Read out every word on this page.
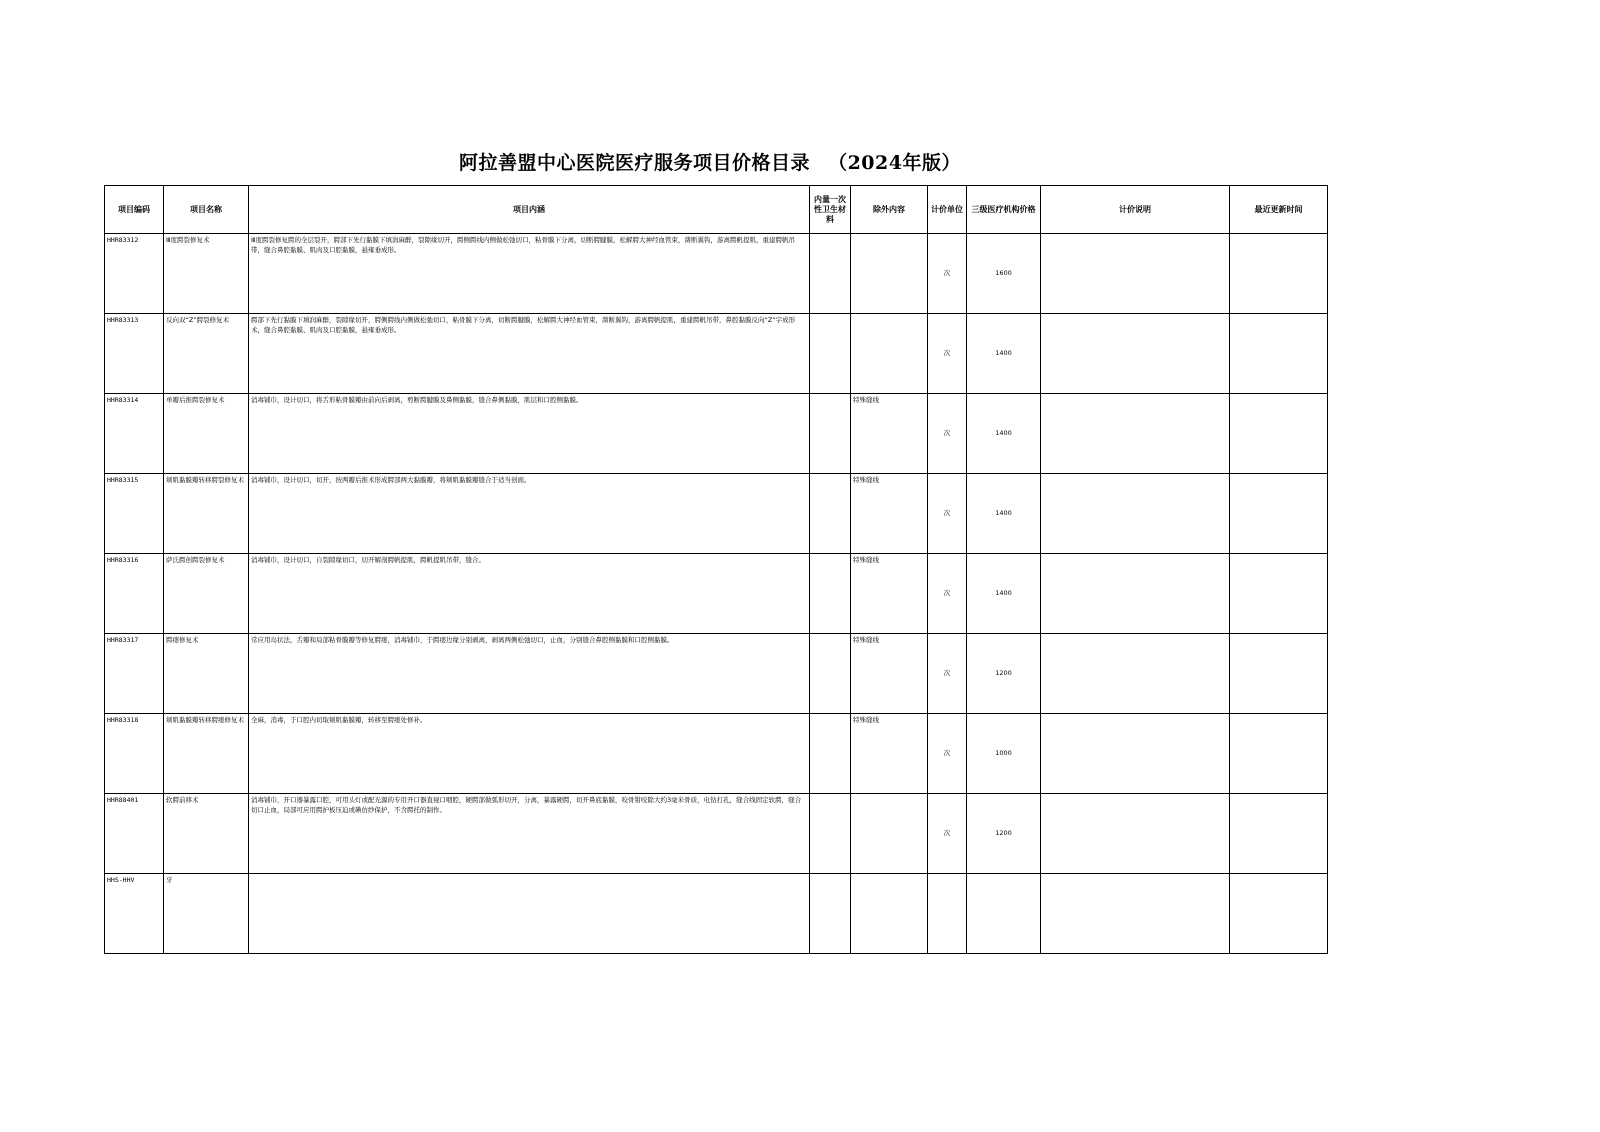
阿拉善盟中心医院医疗服务项目价格目录 （2024年版）
项目编码	项目名称	项目内涵	内量一次性卫生材料	除外内容	计价单位	三级医疗机构价格	计价说明	最近更新时间
HHR83312	Ⅲ度腭裂修复术	Ⅲ度腭裂修复腭的全层裂开，腭部下先行黏膜下填润麻醉，裂隙缘切开，腭侧腭线内侧做松弛切口，粘骨膜下分离，切断腭腱膜，松解腭大神经血管束，凿断翼钩，游离腭帆提肌，重建腭帆吊带，缝合鼻腔黏膜、肌肉及口腔黏膜，悬雍垂成形。			次	1600		
HHR83313	反向双“Z”腭裂修复术	腭部下先行黏膜下填润麻醉，裂隙缘切开，腭侧腭线内侧做松弛切口，粘骨膜下分离，切断腭腱膜，松解腭大神经血管束，凿断翼钩，游离腭帆提肌，重建腭帆吊带，鼻腔黏膜反向“Z”字成形术，缝合鼻腔黏膜、肌肉及口腔黏膜，悬雍垂成形。			次	1400		
HHR83314	单瓣后推腭裂修复术	消毒铺巾，设计切口，将舌形粘骨膜瓣由前向后剥离，剪断腭腱膜及鼻侧黏膜，缝合鼻侧黏膜，肌层和口腔侧黏膜。		特殊缝线	次	1400		
HHR83315	颊肌黏膜瓣转移腭裂修复术	消毒铺巾，设计切口，切开，按两瓣后推术形成腭部两大黏膜瓣，将颊肌黏膜瓣缝合于适当创面。		特殊缝线	次	1400		
HHR83316	萨氏腭创腭裂修复术	消毒铺巾，设计切口，自裂隙缘切口，切开解剖腭帆提肌，腭帆提肌吊带，缝合。		特殊缝线	次	1400		
HHR83317	腭瘘修复术	常应用岛状法，舌瓣和局部粘骨膜瓣等修复腭瘘，消毒铺巾，于腭瘘边缘分别剥离，剥离两侧松弛切口，止血，分别缝合鼻腔侧黏膜和口腔侧黏膜。		特殊缝线	次	1200		
HHR83318	颊肌黏膜瓣转移腭瘘修复术	全麻，消毒，于口腔内切取颊肌黏膜瓣，转移至腭瘘处修补。		特殊缝线	次	1000		
HHR88401	软腭前移术	消毒铺巾，开口器暴露口腔，可用头灯或配光源的专用开口器直视口咽腔，硬腭部做弧形切开，分离，暴露硬腭，切开鼻底黏膜，咬骨钳咬除大约3毫米骨质，电钻打孔，缝合线固定软腭，缝合切口止血，局部可应用腭护板压迫或碘仿纱保护，不含腭托的制作。			次	1200		
HHS-HHV	牙							
